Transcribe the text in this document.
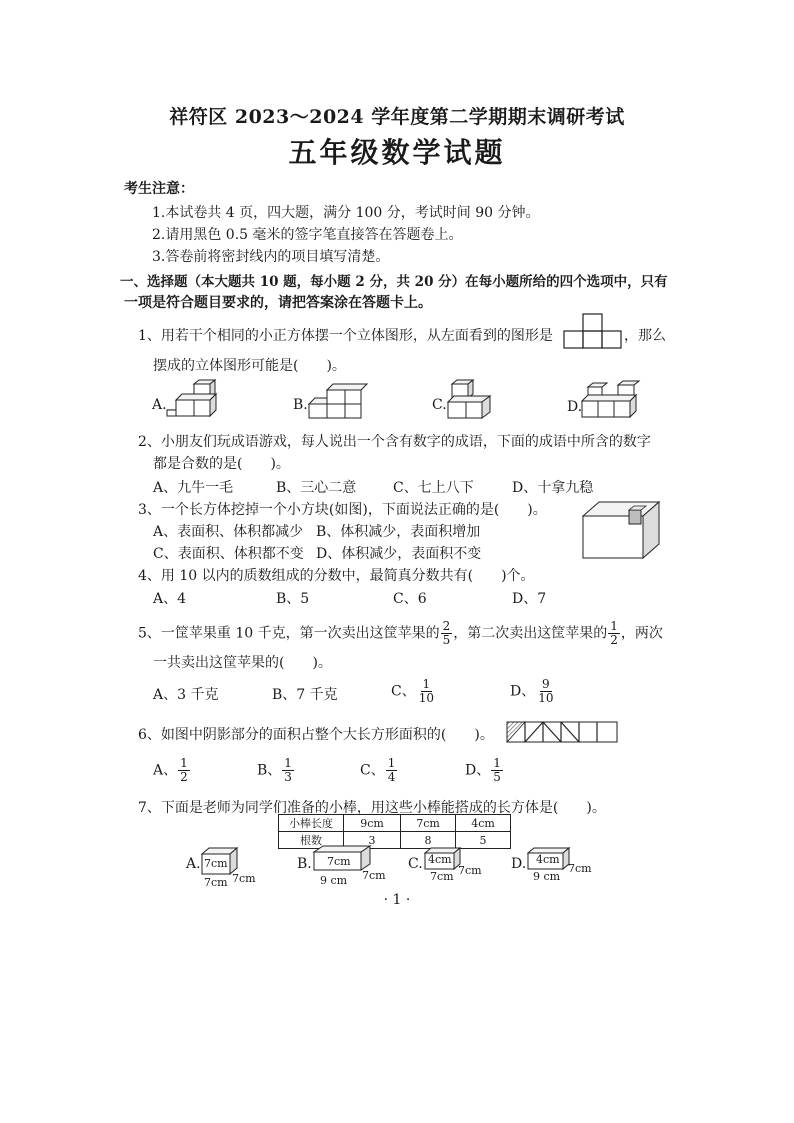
祥符区 2023～2024 学年度第二学期期末调研考试
五年级数学试题
考生注意：
1.本试卷共 4 页，四大题，满分 100 分，考试时间 90 分钟。
2.请用黑色 0.5 毫米的签字笔直接答在答题卷上。
3.答卷前将密封线内的项目填写清楚。
一、选择题（本大题共 10 题，每小题 2 分，共 20 分）在每小题所给的四个选项中，只有
一项是符合题目要求的，请把答案涂在答题卡上。
1、用若干个相同的小正方体摆一个立体图形，从左面看到的图形是	，那么
摆成的立体图形可能是(　　)。
A.	B.	C.	D.
2、小朋友们玩成语游戏，每人说出一个含有数字的成语，下面的成语中所含的数字
都是合数的是(　　)。
A、九牛一毛	B、三心二意	C、七上八下	D、十拿九稳
3、一个长方体挖掉一个小方块(如图)，下面说法正确的是(　　)。
A、表面积、体积都减少 B、体积减少，表面积增加
C、表面积、体积都不变 D、体积减少，表面积不变
4、用 10 以内的质数组成的分数中，最简真分数共有(　　)个。
A、4	B、5	C、6	D、7
5、一筐苹果重 10 千克，第一次卖出这筐苹果的 $\frac{2}{5}$ ，第二次卖出这筐苹果的 $\frac{1}{2}$ ，两次
一共卖出这筐苹果的(　　)。
A、3 千克	B、7 千克	C、 $\frac{1}{10}$	D、 $\frac{9}{10}$
6、如图中阴影部分的面积占整个大长方形面积的(　　)。
A、 $\frac{1}{2}$	B、 $\frac{1}{3}$	C、 $\frac{1}{4}$	D、 $\frac{1}{5}$
7、下面是老师为同学们准备的小棒，用这些小棒能搭成的长方体是(　　)。
小棒长度	9cm	7cm	4cm
根数	3	8	5
A. 7cm
7cm 7cm
B. 7cm
9 cm 7cm
C. 4cm
7cm 7cm D. 4cm
9 cm
7cm
· 1 ·
